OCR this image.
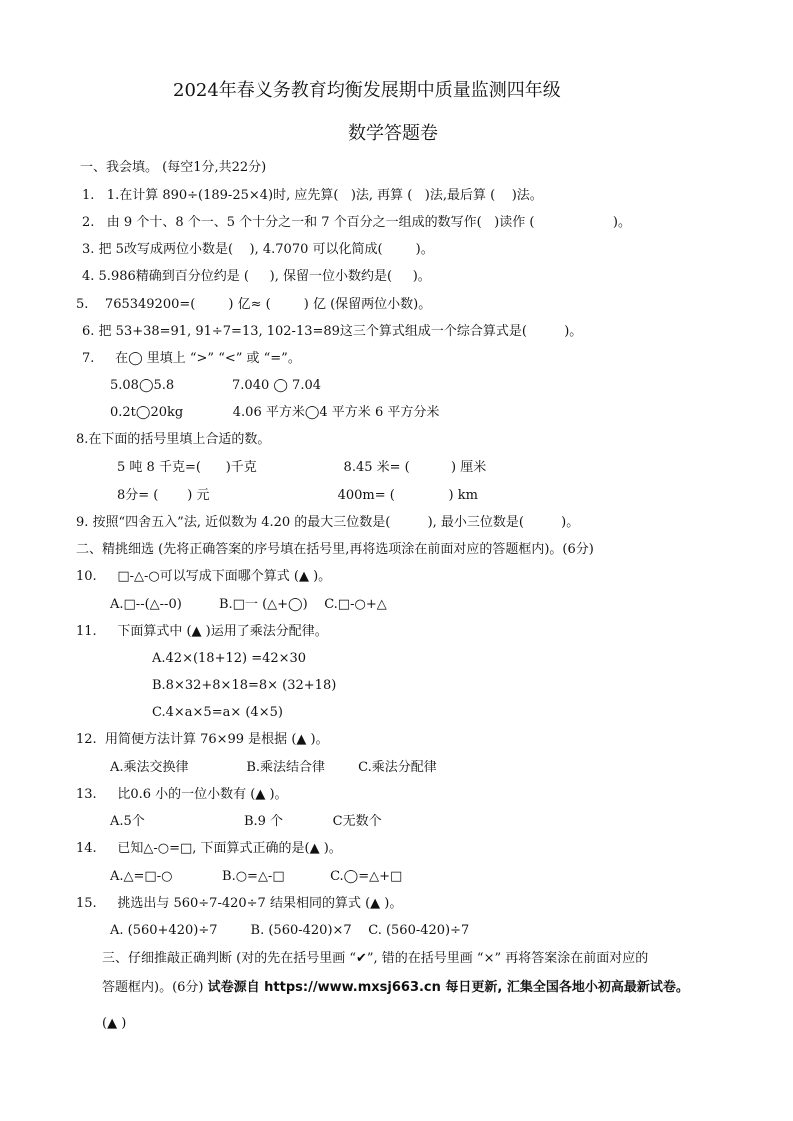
2024年春义务教育均衡发展期中质量监测四年级
数学答题卷
一、我会填。 (每空1分,共22分)
1.   1.在计算 890÷(189-25×4)时, 应先算(   )法, 再算 (   )法,最后算 (    )法。
2.   由 9 个十、8 个一、5 个十分之一和 7 个百分之一组成的数写作(   )读作 (                   )。
3. 把 5改写成两位小数是(    ), 4.7070 可以化简成(        )。
4. 5.986精确到百分位约是 (     ), 保留一位小数约是(     )。
5.    765349200=(        ) 亿≈ (        ) 亿 (保留两位小数)。
6. 把 53+38=91, 91÷7=13, 102-13=89这三个算式组成一个综合算式是(         )。
7.     在◯ 里填上 “>” “<” 或 “=”。
5.08◯5.8              7.040 ◯ 7.04
0.2t◯20kg            4.06 平方米◯4 平方米 6 平方分米
8.在下面的括号里填上合适的数。
5 吨 8 千克=(      )千克                     8.45 米= (          ) 厘米
8分= (       ) 元                               400m= (             ) km
9. 按照“四舍五入”法, 近似数为 4.20 的最大三位数是(         ), 最小三位数是(         )。
二、精挑细选 (先将正确答案的序号填在括号里,再将选项涂在前面对应的答题框内)。(6分)
10.     □-△-○可以写成下面哪个算式 (▲ )。
A.□--(△--0)         B.□一 (△+◯)    C.□-○+△
11.     下面算式中 (▲ )运用了乘法分配律。
A.42×(18+12) =42×30
B.8×32+8×18=8× (32+18)
C.4×a×5=a× (4×5)
12.  用简便方法计算 76×99 是根据 (▲ )。
A.乘法交换律              B.乘法结合律        C.乘法分配律
13.     比0.6 小的一位小数有 (▲ )。
A.5个                        B.9 个            C无数个
14.     已知△-○=□, 下面算式正确的是(▲ )。
A.△=□-○            B.○=△-□           C.◯=△+□
15.     挑选出与 560÷7-420÷7 结果相同的算式 (▲ )。
A. (560+420)÷7        B. (560-420)×7    C. (560-420)÷7
三、仔细推敲正确判断 (对的先在括号里画 “✔”, 错的在括号里画 “×” 再将答案涂在前面对应的
答题框内)。(6分) 试卷源自 https://www.mxsj663.cn 每日更新, 汇集全国各地小初高最新试卷。
(▲ )
